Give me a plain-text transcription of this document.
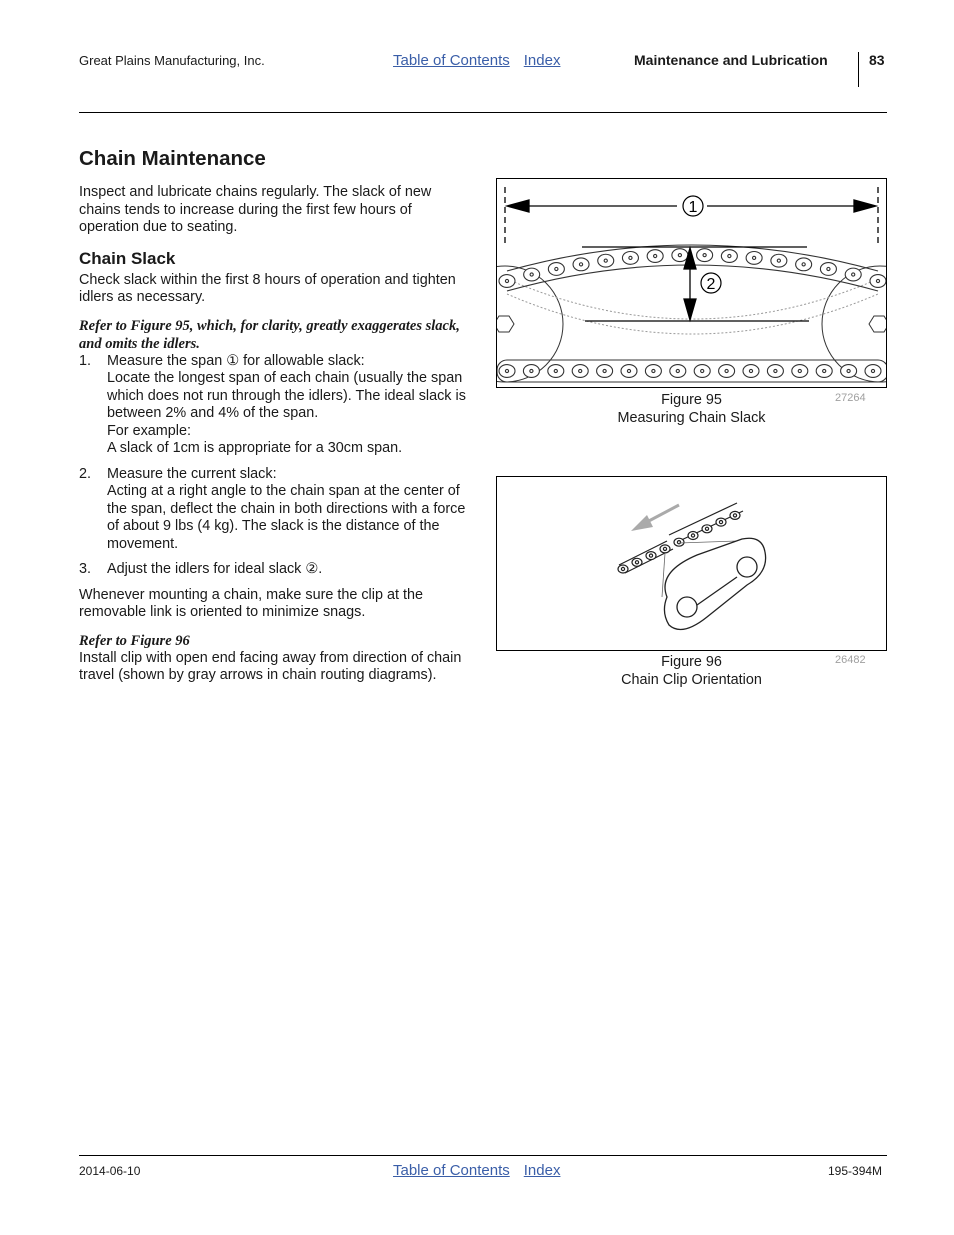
Great Plains Manufacturing, Inc.	Table of Contents Index	Maintenance and Lubrication	83
Chain Maintenance

Inspect and lubricate chains regularly. The slack of new chains tends to increase during the first few hours of operation due to seating.

Chain Slack

Check slack within the first 8 hours of operation and tighten idlers as necessary.

Refer to Figure 95, which, for clarity, greatly exaggerates slack, and omits the idlers.

1. Measure the span ① for allowable slack:
Locate the longest span of each chain (usually the span which does not run through the idlers). The ideal slack is between 2% and 4% of the span.
For example:
A slack of 1cm is appropriate for a 30cm span.
2. Measure the current slack:
Acting at a right angle to the chain span at the center of the span, deflect the chain in both directions with a force of about 9 lbs (4 kg). The slack is the distance of the movement.
3. Adjust the idlers for ideal slack ②.

Whenever mounting a chain, make sure the clip at the removable link is oriented to minimize snags.

Refer to Figure 96

Install clip with open end facing away from direction of chain travel (shown by gray arrows in chain routing diagrams).

1
2
Figure 95
Measuring Chain Slack
27264
Figure 96
Chain Clip Orientation
26482
2014-06-10	Table of Contents Index	195-394M
